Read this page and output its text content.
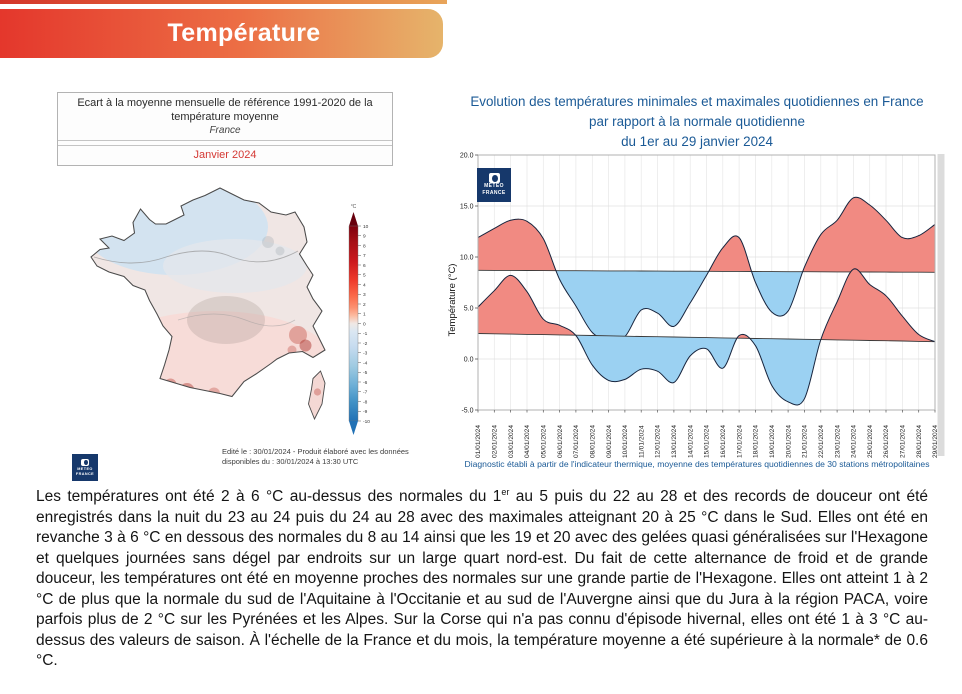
Température
Ecart à la moyenne mensuelle de référence 1991-2020 de la
température moyenne
France
Janvier 2024
°C
10
9
8
7
6
5
4
3
2
1
0
-1
-2
-3
-4
-5
-6
-7
-8
-9
-10
METEO
FRANCE
Edité le : 30/01/2024 - Produit élaboré avec les données
disponibles du : 30/01/2024 à 13:30 UTC
Evolution des températures minimales et maximales quotidiennes en France
par rapport à la normale quotidienne
du 1er au 29 janvier 2024
20.0
15.0
10.0
5.0
0.0
-5.0
01/01/2024 02/01/2024 03/01/2024 04/01/2024 05/01/2024 06/01/2024 07/01/2024 08/01/2024 09/01/2024 10/01/2024 11/01/2024 12/01/2024 13/01/2024 14/01/2024 15/01/2024 16/01/2024 17/01/2024 18/01/2024 19/01/2024 20/01/2024 21/01/2024 22/01/2024 23/01/2024 24/01/2024 25/01/2024 26/01/2024 27/01/2024 28/01/2024 29/01/2024
Température (°C)
METEO
FRANCE
Diagnostic établi à partir de l'indicateur thermique, moyenne des températures quotidiennes de 30 stations métropolitaines

Les températures ont été 2 à 6 °C au-dessus des normales du 1er au 5 puis du 22 au 28 et des records de douceur ont été enregistrés dans la nuit du 23 au 24 puis du 24 au 28 avec des maximales atteignant 20 à 25 °C dans le Sud. Elles ont été en revanche 3 à 6 °C en dessous des normales du 8 au 14 ainsi que les 19 et 20 avec des gelées quasi généralisées sur l'Hexagone et quelques journées sans dégel par endroits sur un large quart nord-est. Du fait de cette alternance de froid et de grande douceur, les températures ont été en moyenne proches des normales sur une grande partie de l'Hexagone. Elles ont atteint 1 à 2 °C de plus que la normale du sud de l'Aquitaine à l'Occitanie et au sud de l'Auvergne ainsi que du Jura à la région PACA, voire parfois plus de 2 °C sur les Pyrénées et les Alpes. Sur la Corse qui n'a pas connu d'épisode hivernal, elles ont été 1 à 3 °C au-dessus des valeurs de saison. À l'échelle de la France et du mois, la température moyenne a été supérieure à la normale* de 0.6 °C.
